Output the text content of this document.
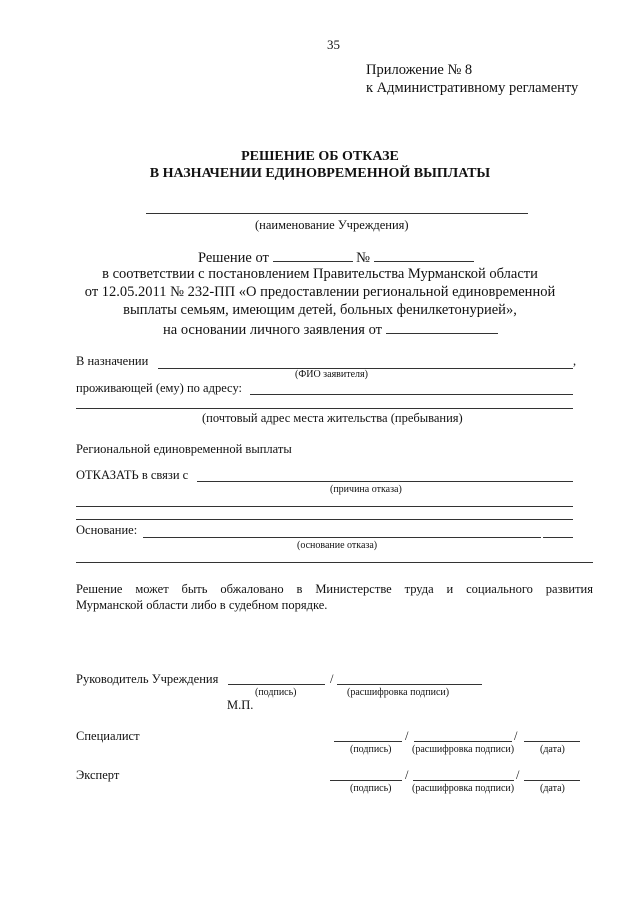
35
Приложение № 8
к Административному регламенту
РЕШЕНИЕ ОБ ОТКАЗЕ
В НАЗНАЧЕНИИ ЕДИНОВРЕМЕННОЙ ВЫПЛАТЫ
(наименование Учреждения)
Решение от	№
в соответствии с постановлением Правительства Мурманской области
от 12.05.2011 № 232-ПП «О предоставлении региональной единовременной
выплаты семьям, имеющим детей, больных фенилкетонурией»,
на основании личного заявления от
В назначении	,
(ФИО заявителя)
проживающей (ему) по адресу:
(почтовый адрес места жительства (пребывания)
Региональной единовременной выплаты
ОТКАЗАТЬ в связи с
(причина отказа)
Основание:
(основание отказа)
Решение может быть обжаловано в Министерстве труда и социального развития
Мурманской области либо в судебном порядке.
Руководитель Учреждения	/
(подпись)	(расшифровка подписи)
М.П.
Специалист	/	/
(подпись) (расшифровка подписи)	(дата)
Эксперт	/	/
(подпись) (расшифровка подписи)	(дата)
